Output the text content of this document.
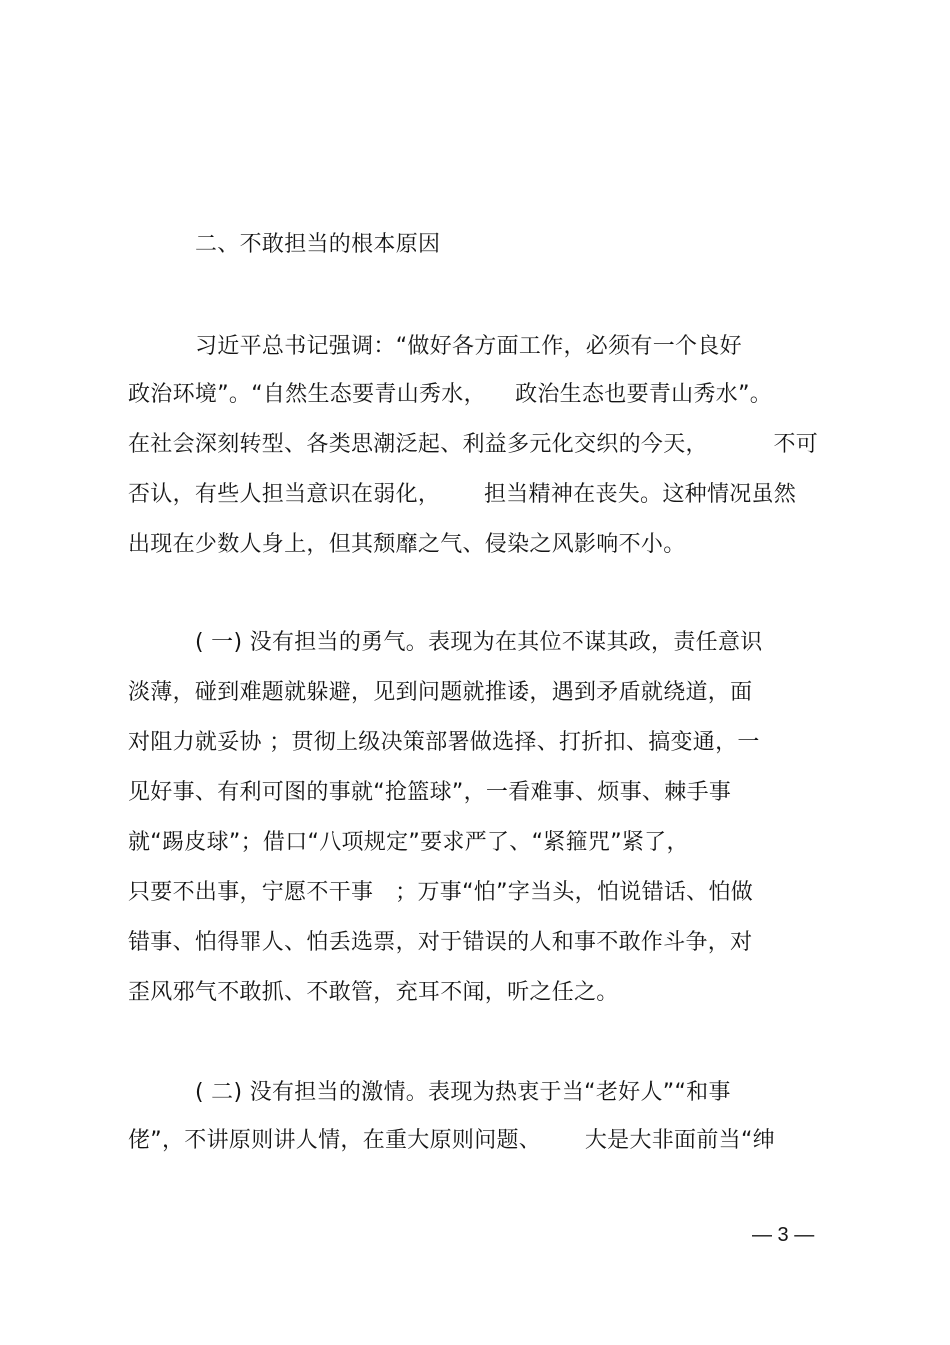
二、不敢担当的根本原因
习近平总书记强调：“做好各方面工作，必须有一个良好
政治环境”。“自然生态要青山秀水，    政治生态也要青山秀水”。
在社会深刻转型、各类思潮泛起、利益多元化交织的今天，         不可
否认，有些人担当意识在弱化，      担当精神在丧失。这种情况虽然
出现在少数人身上，但其颓靡之气、侵染之风影响不小。
( 一) 没有担当的勇气。表现为在其位不谋其政，责任意识
淡薄，碰到难题就躲避，见到问题就推诿，遇到矛盾就绕道，面
对阻力就妥协 ；贯彻上级决策部署做选择、打折扣、搞变通，一
见好事、有利可图的事就“抢篮球”，一看难事、烦事、棘手事
就“踢皮球”；借口“八项规定”要求严了、“紧箍咒”紧了，
只要不出事，宁愿不干事   ；万事“怕”字当头，怕说错话、怕做
错事、怕得罪人、怕丢选票，对于错误的人和事不敢作斗争，对
歪风邪气不敢抓、不敢管，充耳不闻，听之任之。
( 二) 没有担当的激情。表现为热衷于当“老好人”“和事
佬”，不讲原则讲人情，在重大原则问题、      大是大非面前当“绅
— 3 —
